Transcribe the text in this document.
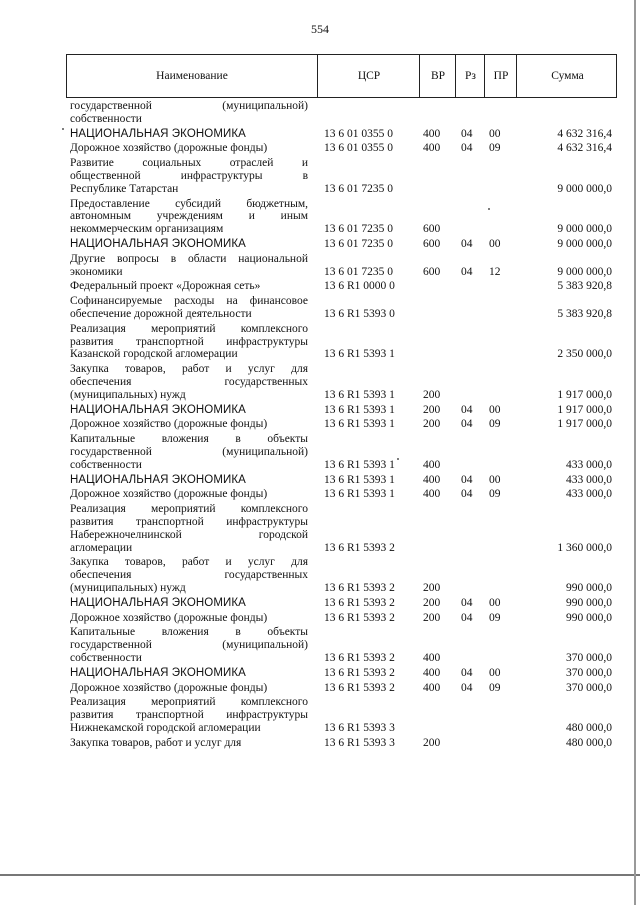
554
Наименование	ЦСР	ВР	Рз	ПР	Сумма
государственной (муниципальной)
собственности
НАЦИОНАЛЬНАЯ ЭКОНОМИКА	13 6 01 0355 0	400	04	00	4 632 316,4
Дорожное хозяйство (дорожные фонды)	13 6 01 0355 0	400	04	09	4 632 316,4
Развитие социальных отраслей и
общественной инфраструктуры в
Республике Татарстан	13 6 01 7235 0	9 000 000,0
Предоставление субсидий бюджетным,
автономным учреждениям и иным
некоммерческим организациям	13 6 01 7235 0	600	9 000 000,0
НАЦИОНАЛЬНАЯ ЭКОНОМИКА	13 6 01 7235 0	600	04	00	9 000 000,0
Другие вопросы в области национальной
экономики	13 6 01 7235 0	600	04	12	9 000 000,0
Федеральный проект «Дорожная сеть»	13 6 R1 0000 0	5 383 920,8
Софинансируемые расходы на финансовое
обеспечение дорожной деятельности	13 6 R1 5393 0	5 383 920,8
Реализация мероприятий комплексного
развития транспортной инфраструктуры
Казанской городской агломерации	13 6 R1 5393 1	2 350 000,0
Закупка товаров, работ и услуг для
обеспечения государственных
(муниципальных) нужд	13 6 R1 5393 1	200	1 917 000,0
НАЦИОНАЛЬНАЯ ЭКОНОМИКА	13 6 R1 5393 1	200	04	00	1 917 000,0
Дорожное хозяйство (дорожные фонды)	13 6 R1 5393 1	200	04	09	1 917 000,0
Капитальные вложения в объекты
государственной (муниципальной)
собственности	13 6 R1 5393 1	400	433 000,0
НАЦИОНАЛЬНАЯ ЭКОНОМИКА	13 6 R1 5393 1	400	04	00	433 000,0
Дорожное хозяйство (дорожные фонды)	13 6 R1 5393 1	400	04	09	433 000,0
Реализация мероприятий комплексного
развития транспортной инфраструктуры
Набережночелнинской городской
агломерации	13 6 R1 5393 2	1 360 000,0
Закупка товаров, работ и услуг для
обеспечения государственных
(муниципальных) нужд	13 6 R1 5393 2	200	990 000,0
НАЦИОНАЛЬНАЯ ЭКОНОМИКА	13 6 R1 5393 2	200	04	00	990 000,0
Дорожное хозяйство (дорожные фонды)	13 6 R1 5393 2	200	04	09	990 000,0
Капитальные вложения в объекты
государственной (муниципальной)
собственности	13 6 R1 5393 2	400	370 000,0
НАЦИОНАЛЬНАЯ ЭКОНОМИКА	13 6 R1 5393 2	400	04	00	370 000,0
Дорожное хозяйство (дорожные фонды)	13 6 R1 5393 2	400	04	09	370 000,0
Реализация мероприятий комплексного
развития транспортной инфраструктуры
Нижнекамской городской агломерации	13 6 R1 5393 3	480 000,0
Закупка товаров, работ и услуг для	13 6 R1 5393 3	200	480 000,0
